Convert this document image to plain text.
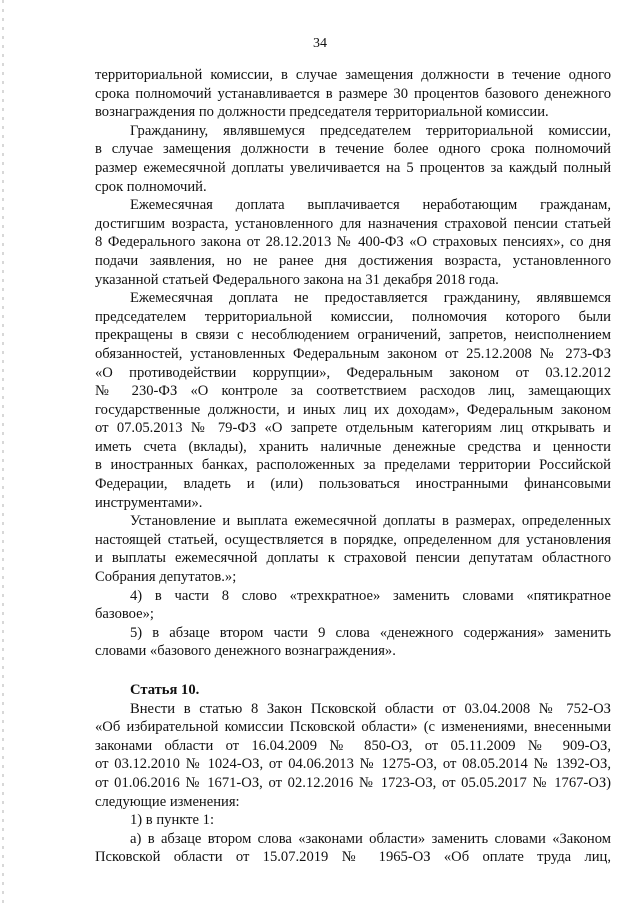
34

территориальной комиссии, в случае замещения должности в течение одного

срока полномочий устанавливается в размере 30 процентов базового денежного

вознаграждения по должности председателя территориальной комиссии.

Гражданину, являвшемуся председателем территориальной комиссии,

в случае замещения должности в течение более одного срока полномочий

размер ежемесячной доплаты увеличивается на 5 процентов за каждый полный

срок полномочий.

Ежемесячная доплата выплачивается неработающим гражданам,

достигшим возраста, установленного для назначения страховой пенсии статьей

8 Федерального закона от 28.12.2013 № 400-ФЗ «О страховых пенсиях», со дня

подачи заявления, но не ранее дня достижения возраста, установленного

указанной статьей Федерального закона на 31 декабря 2018 года.

Ежемесячная доплата не предоставляется гражданину, являвшемся

председателем территориальной комиссии, полномочия которого были

прекращены в связи с несоблюдением ограничений, запретов, неисполнением

обязанностей, установленных Федеральным законом от 25.12.2008 № 273-ФЗ

«О противодействии коррупции», Федеральным законом от 03.12.2012

№ 230-ФЗ «О контроле за соответствием расходов лиц, замещающих

государственные должности, и иных лиц их доходам», Федеральным законом

от 07.05.2013 № 79-ФЗ «О запрете отдельным категориям лиц открывать и

иметь счета (вклады), хранить наличные денежные средства и ценности

в иностранных банках, расположенных за пределами территории Российской

Федерации, владеть и (или) пользоваться иностранными финансовыми

инструментами».

Установление и выплата ежемесячной доплаты в размерах, определенных

настоящей статьей, осуществляется в порядке, определенном для установления

и выплаты ежемесячной доплаты к страховой пенсии депутатам областного

Собрания депутатов.»;

4) в части 8 слово «трехкратное» заменить словами «пятикратное

базовое»;

5) в абзаце втором части 9 слова «денежного содержания» заменить

словами «базового денежного вознаграждения».

Статья 10.

Внести в статью 8 Закон Псковской области от 03.04.2008 № 752-ОЗ

«Об избирательной комиссии Псковской области» (с изменениями, внесенными

законами области от 16.04.2009 № 850-ОЗ, от 05.11.2009 № 909-ОЗ,

от 03.12.2010 № 1024-ОЗ, от 04.06.2013 № 1275-ОЗ, от 08.05.2014 № 1392-ОЗ,

от 01.06.2016 № 1671-ОЗ, от 02.12.2016 № 1723-ОЗ, от 05.05.2017 № 1767-ОЗ)

следующие изменения:

1) в пункте 1:

а) в абзаце втором слова «законами области» заменить словами «Законом

Псковской области от 15.07.2019 № 1965-ОЗ «Об оплате труда лиц,
